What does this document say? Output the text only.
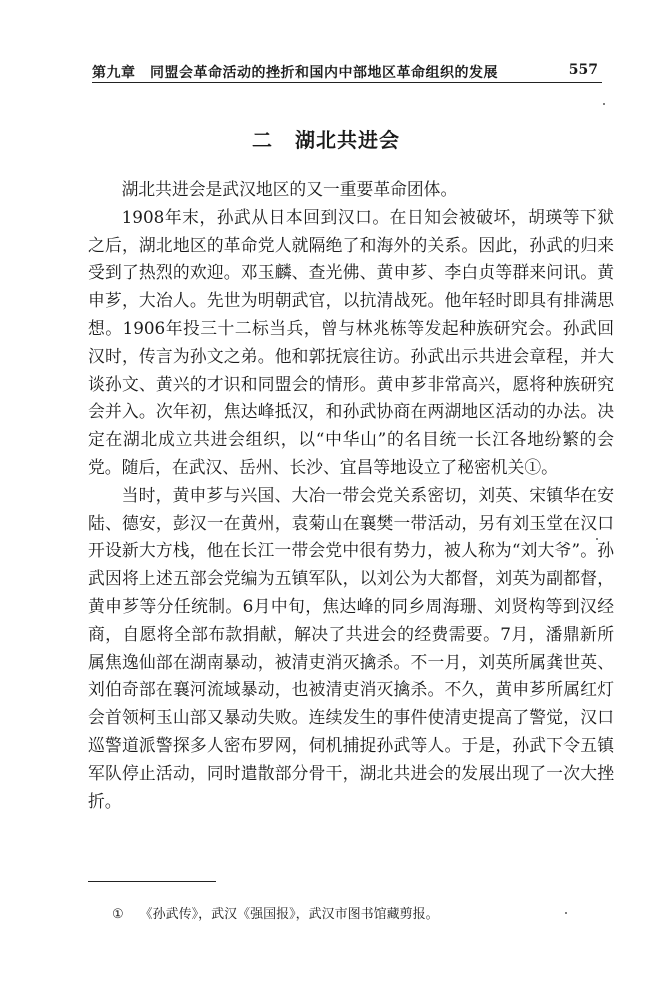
第九章　同盟会革命活动的挫折和国内中部地区革命组织的发展	557
二 湖北共进会

湖北共进会是武汉地区的又一重要革命团体。

1908年末，孙武从日本回到汉口。在日知会被破坏，胡瑛等下狱之后，湖北地区的革命党人就隔绝了和海外的关系。因此，孙武的归来受到了热烈的欢迎。邓玉麟、查光佛、黄申芗、李白贞等群来问讯。黄申芗，大冶人。先世为明朝武官，以抗清战死。他年轻时即具有排满思想。1906年投三十二标当兵，曾与林兆栋等发起种族研究会。孙武回汉时，传言为孙文之弟。他和郭抚宸往访。孙武出示共进会章程，并大谈孙文、黄兴的才识和同盟会的情形。黄申芗非常高兴，愿将种族研究会并入。次年初，焦达峰抵汉，和孙武协商在两湖地区活动的办法。决定在湖北成立共进会组织，以“中华山”的名目统一长江各地纷繁的会党。随后，在武汉、岳州、长沙、宜昌等地设立了秘密机关①。

当时，黄申芗与兴国、大冶一带会党关系密切，刘英、宋镇华在安陆、德安，彭汉一在黄州，袁菊山在襄樊一带活动，另有刘玉堂在汉口开设新大方栈，他在长江一带会党中很有势力，被人称为“刘大爷”。孙武因将上述五部会党编为五镇军队，以刘公为大都督，刘英为副都督，黄申芗等分任统制。6月中旬，焦达峰的同乡周海珊、刘贤构等到汉经商，自愿将全部布款捐献，解决了共进会的经费需要。7月，潘鼎新所属焦逸仙部在湖南暴动，被清吏消灭擒杀。不一月，刘英所属龚世英、刘伯奇部在襄河流域暴动，也被清吏消灭擒杀。不久，黄申芗所属红灯会首领柯玉山部又暴动失败。连续发生的事件使清吏提高了警觉，汉口巡警道派警探多人密布罗网，伺机捕捉孙武等人。于是，孙武下令五镇军队停止活动，同时遣散部分骨干，湖北共进会的发展出现了一次大挫折。

① 《孙武传》，武汉《强国报》，武汉市图书馆藏剪报。
